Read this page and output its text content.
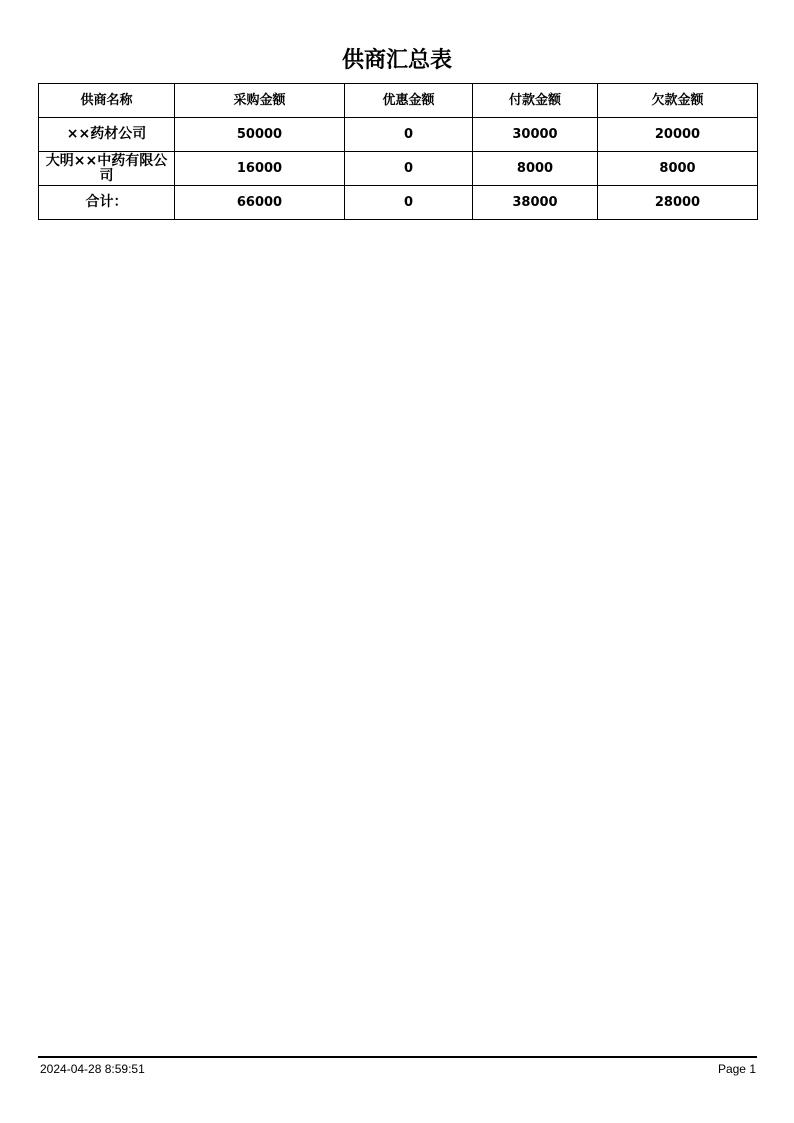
供商汇总表
供商名称	采购金额	优惠金额	付款金额	欠款金额
××药材公司	50000	0	30000	20000
大明××中药有限公司	16000	0	8000	8000
合计：	66000	0	38000	28000
2024-04-28 8:59:51	Page 1
